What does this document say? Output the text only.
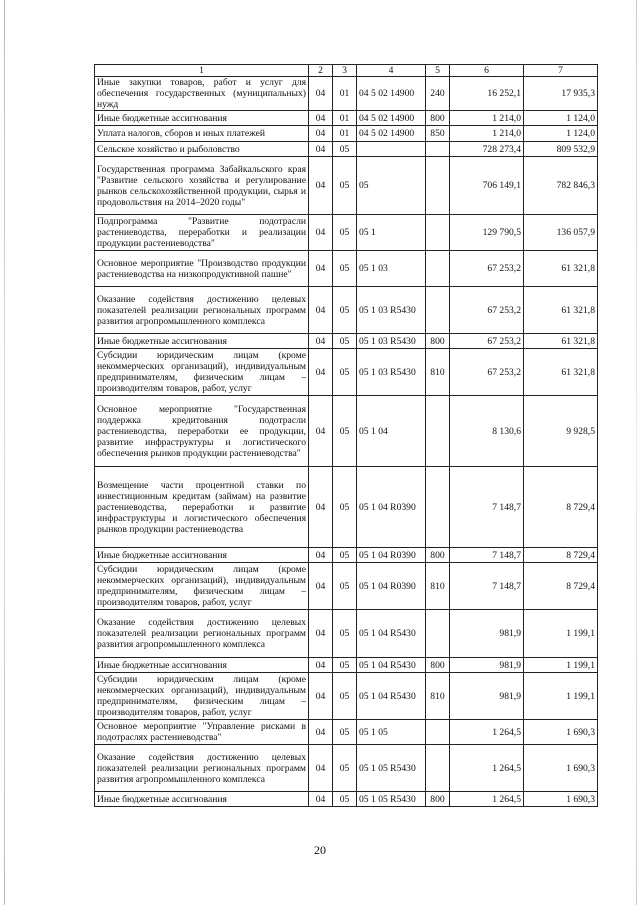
1	2	3	4	5	6	7
Иные закупки товаров, работ и услуг для обеспечения государственных (муниципальных) нужд	04	01	04 5 02 14900	240	16 252,1	17 935,3
Иные бюджетные ассигнования	04	01	04 5 02 14900	800	1 214,0	1 124,0
Уплата налогов, сборов и иных платежей	04	01	04 5 02 14900	850	1 214,0	1 124,0
Сельское хозяйство и рыболовство	04	05			728 273,4	809 532,9
Государственная программа Забайкальского края "Развитие сельского хозяйства и регулирование рынков сельскохозяйственной продукции, сырья и продовольствия на 2014–2020 годы"	04	05	05		706 149,1	782 846,3
Подпрограмма "Развитие подотрасли растениеводства, переработки и реализации продукции растениеводства"	04	05	05 1		129 790,5	136 057,9
Основное мероприятие "Производство продукции растениеводства на низкопродуктивной пашне"	04	05	05 1 03		67 253,2	61 321,8
Оказание содействия достижению целевых показателей реализации региональных программ развития агропромышленного комплекса	04	05	05 1 03 R5430		67 253,2	61 321,8
Иные бюджетные ассигнования	04	05	05 1 03 R5430	800	67 253,2	61 321,8
Субсидии юридическим лицам (кроме некоммерческих организаций), индивидуальным предпринимателям, физическим лицам – производителям товаров, работ, услуг	04	05	05 1 03 R5430	810	67 253,2	61 321,8
Основное мероприятие "Государственная поддержка кредитования подотрасли растениеводства, переработки ее продукции, развитие инфраструктуры и логистического обеспечения рынков продукции растениеводства"	04	05	05 1 04		8 130,6	9 928,5
Возмещение части процентной ставки по инвестиционным кредитам (займам) на развитие растениеводства, переработки и развитие инфраструктуры и логистического обеспечения рынков продукции растениеводства	04	05	05 1 04 R0390		7 148,7	8 729,4
Иные бюджетные ассигнования	04	05	05 1 04 R0390	800	7 148,7	8 729,4
Субсидии юридическим лицам (кроме некоммерческих организаций), индивидуальным предпринимателям, физическим лицам – производителям товаров, работ, услуг	04	05	05 1 04 R0390	810	7 148,7	8 729,4
Оказание содействия достижению целевых показателей реализации региональных программ развития агропромышленного комплекса	04	05	05 1 04 R5430		981,9	1 199,1
Иные бюджетные ассигнования	04	05	05 1 04 R5430	800	981,9	1 199,1
Субсидии юридическим лицам (кроме некоммерческих организаций), индивидуальным предпринимателям, физическим лицам – производителям товаров, работ, услуг	04	05	05 1 04 R5430	810	981,9	1 199,1
Основное мероприятие "Управление рисками в подотраслях растениеводства"	04	05	05 1 05		1 264,5	1 690,3
Оказание содействия достижению целевых показателей реализации региональных программ развития агропромышленного комплекса	04	05	05 1 05 R5430		1 264,5	1 690,3
Иные бюджетные ассигнования	04	05	05 1 05 R5430	800	1 264,5	1 690,3
20
